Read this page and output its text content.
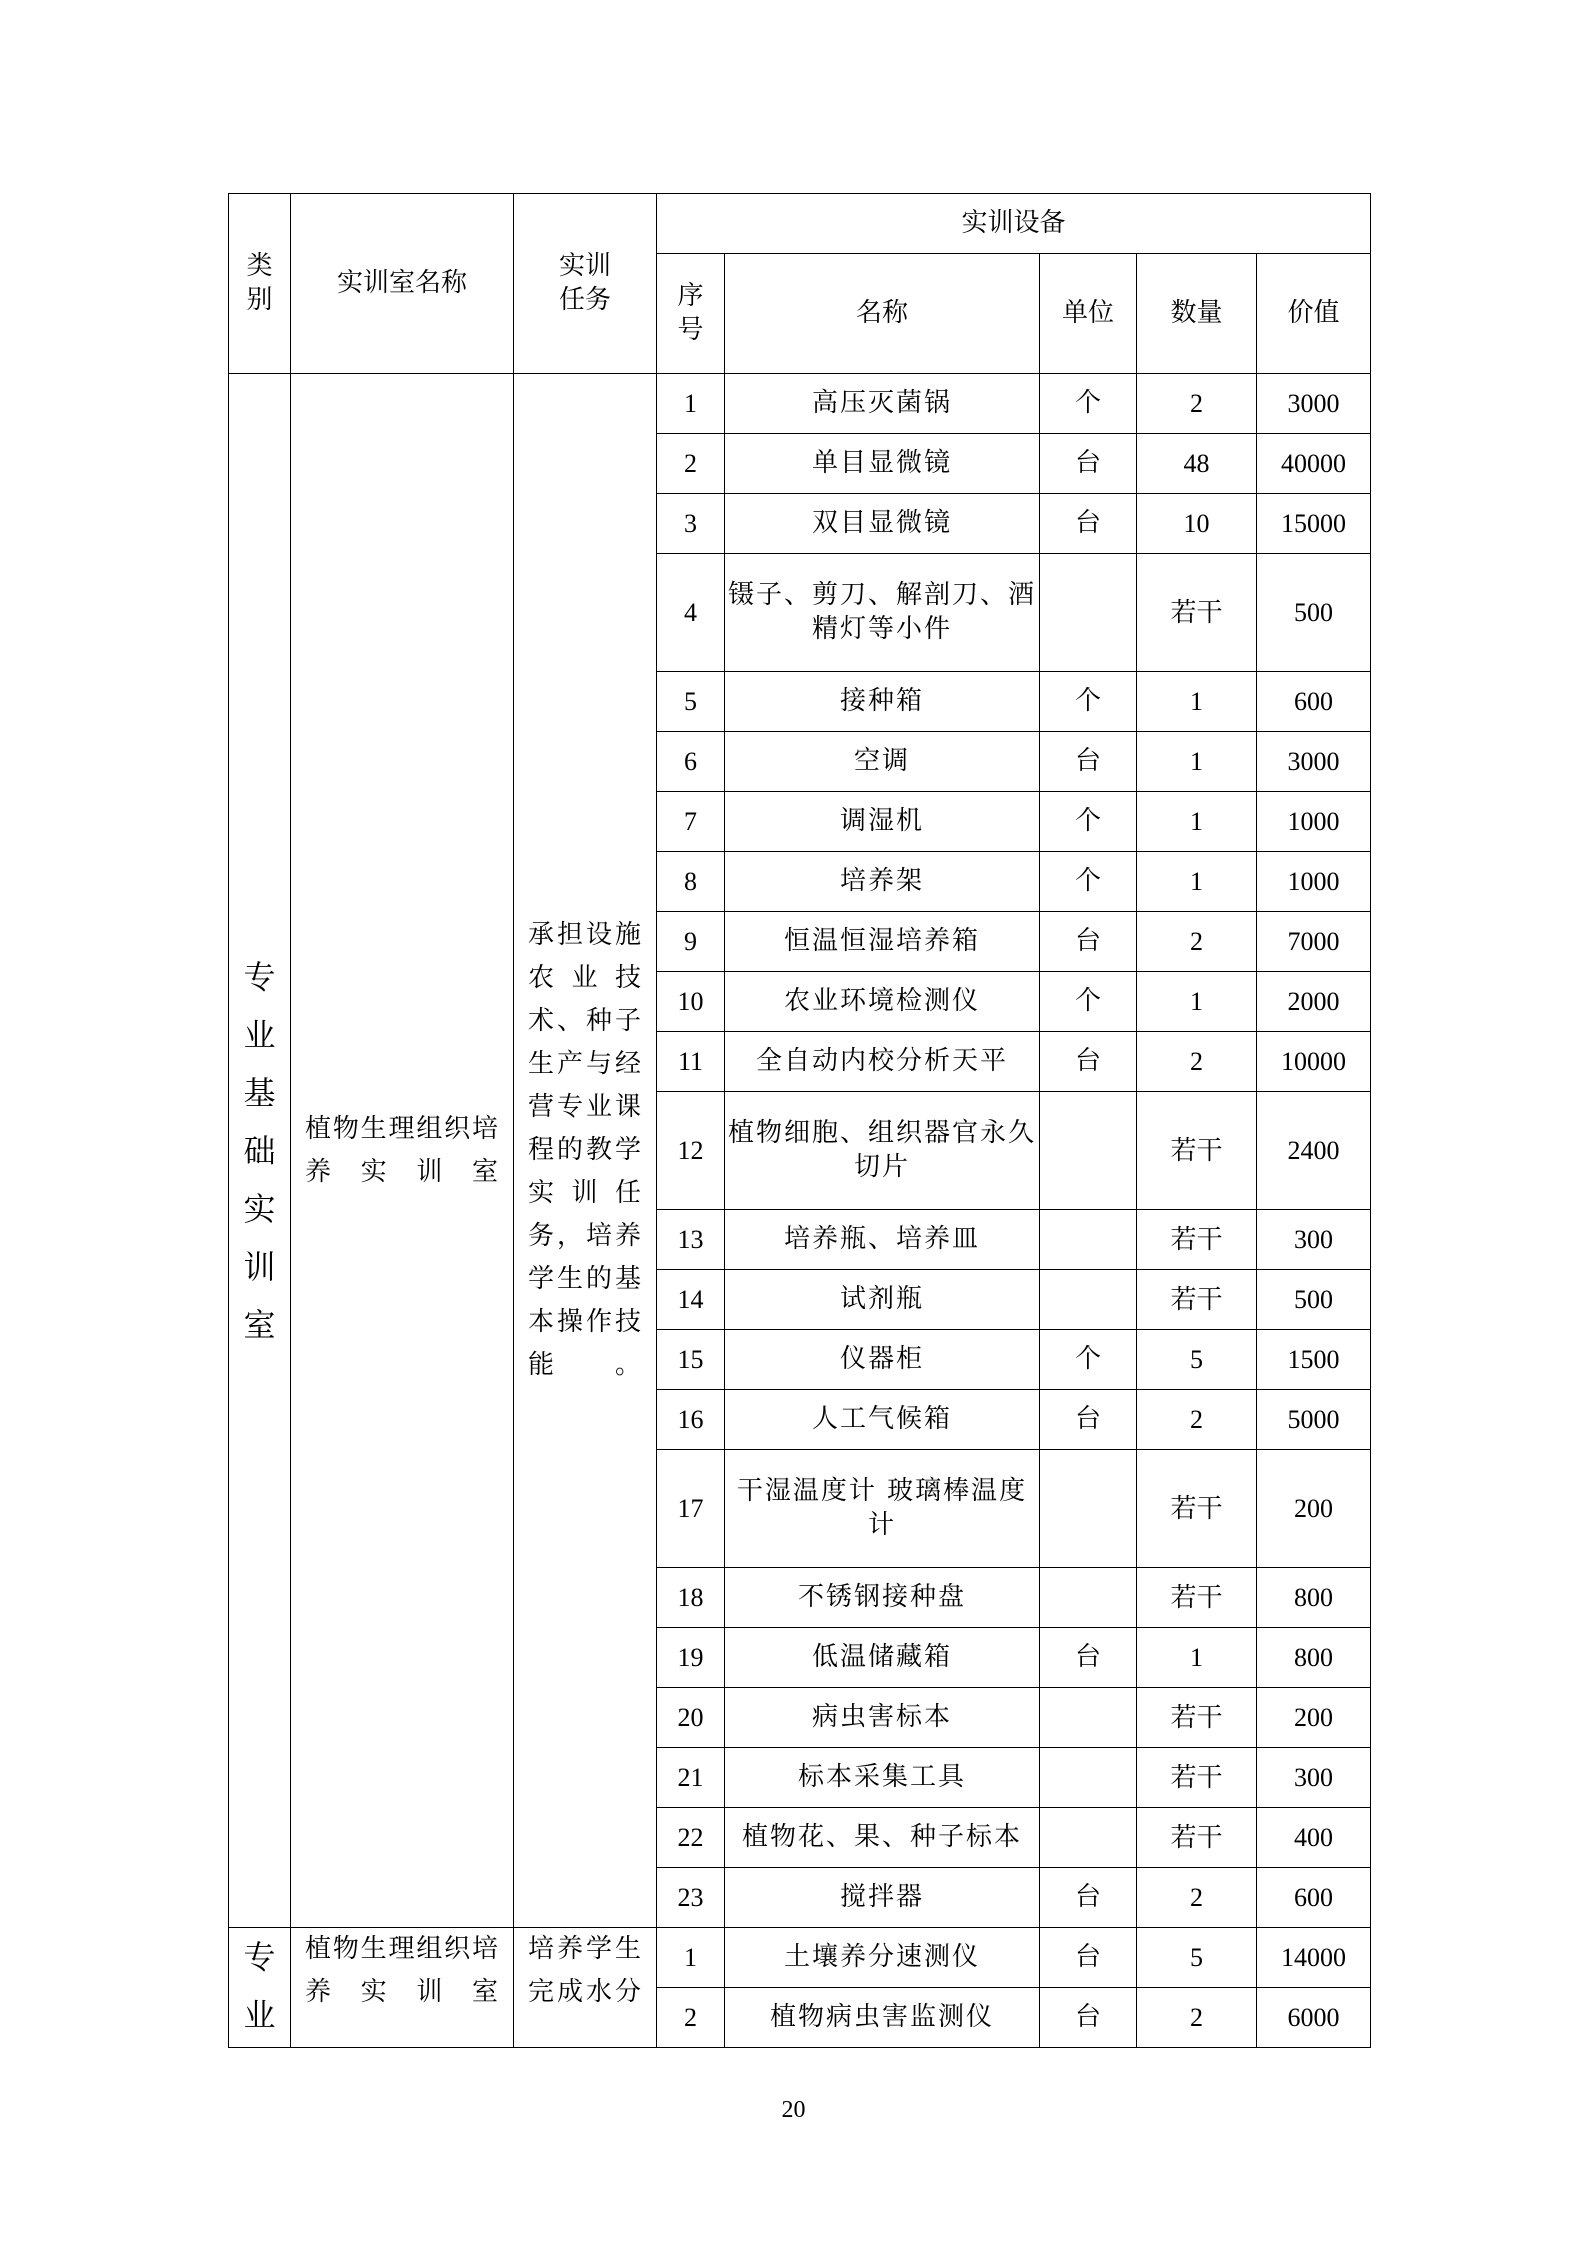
类别	实训室名称	实训任务	实训设备				

			序号	名称	单位	数量	价值

专业基础实训室	植物生理组织培养实训室	承担设施农业技术、种子生产与经营专业课程的教学实训任务，培养学生的基本操作技能。	1	高压灭菌锅	个	2	3000
			2	单目显微镜	台	48	40000
			3	双目显微镜	台	10	15000
			4	镊子、剪刀、解剖刀、酒精灯等小件		若干	500
			5	接种箱	个	1	600
			6	空调	台	1	3000
			7	调湿机	个	1	1000
			8	培养架	个	1	1000
			9	恒温恒湿培养箱	台	2	7000
			10	农业环境检测仪	个	1	2000
			11	全自动内校分析天平	台	2	10000
			12	植物细胞、组织器官永久切片		若干	2400
			13	培养瓶、培养皿		若干	300
			14	试剂瓶		若干	500
			15	仪器柜	个	5	1500
			16	人工气候箱	台	2	5000
			17	干湿温度计 玻璃棒温度计		若干	200
			18	不锈钢接种盘		若干	800
			19	低温储藏箱	台	1	800
			20	病虫害标本		若干	200
			21	标本采集工具		若干	300
			22	植物花、果、种子标本		若干	400
			23	搅拌器	台	2	600

专业	植物生理组织培养实训室	培养学生完成水分	1	土壤养分速测仪	台	5	14000
			2	植物病虫害监测仪	台	2	6000
20
